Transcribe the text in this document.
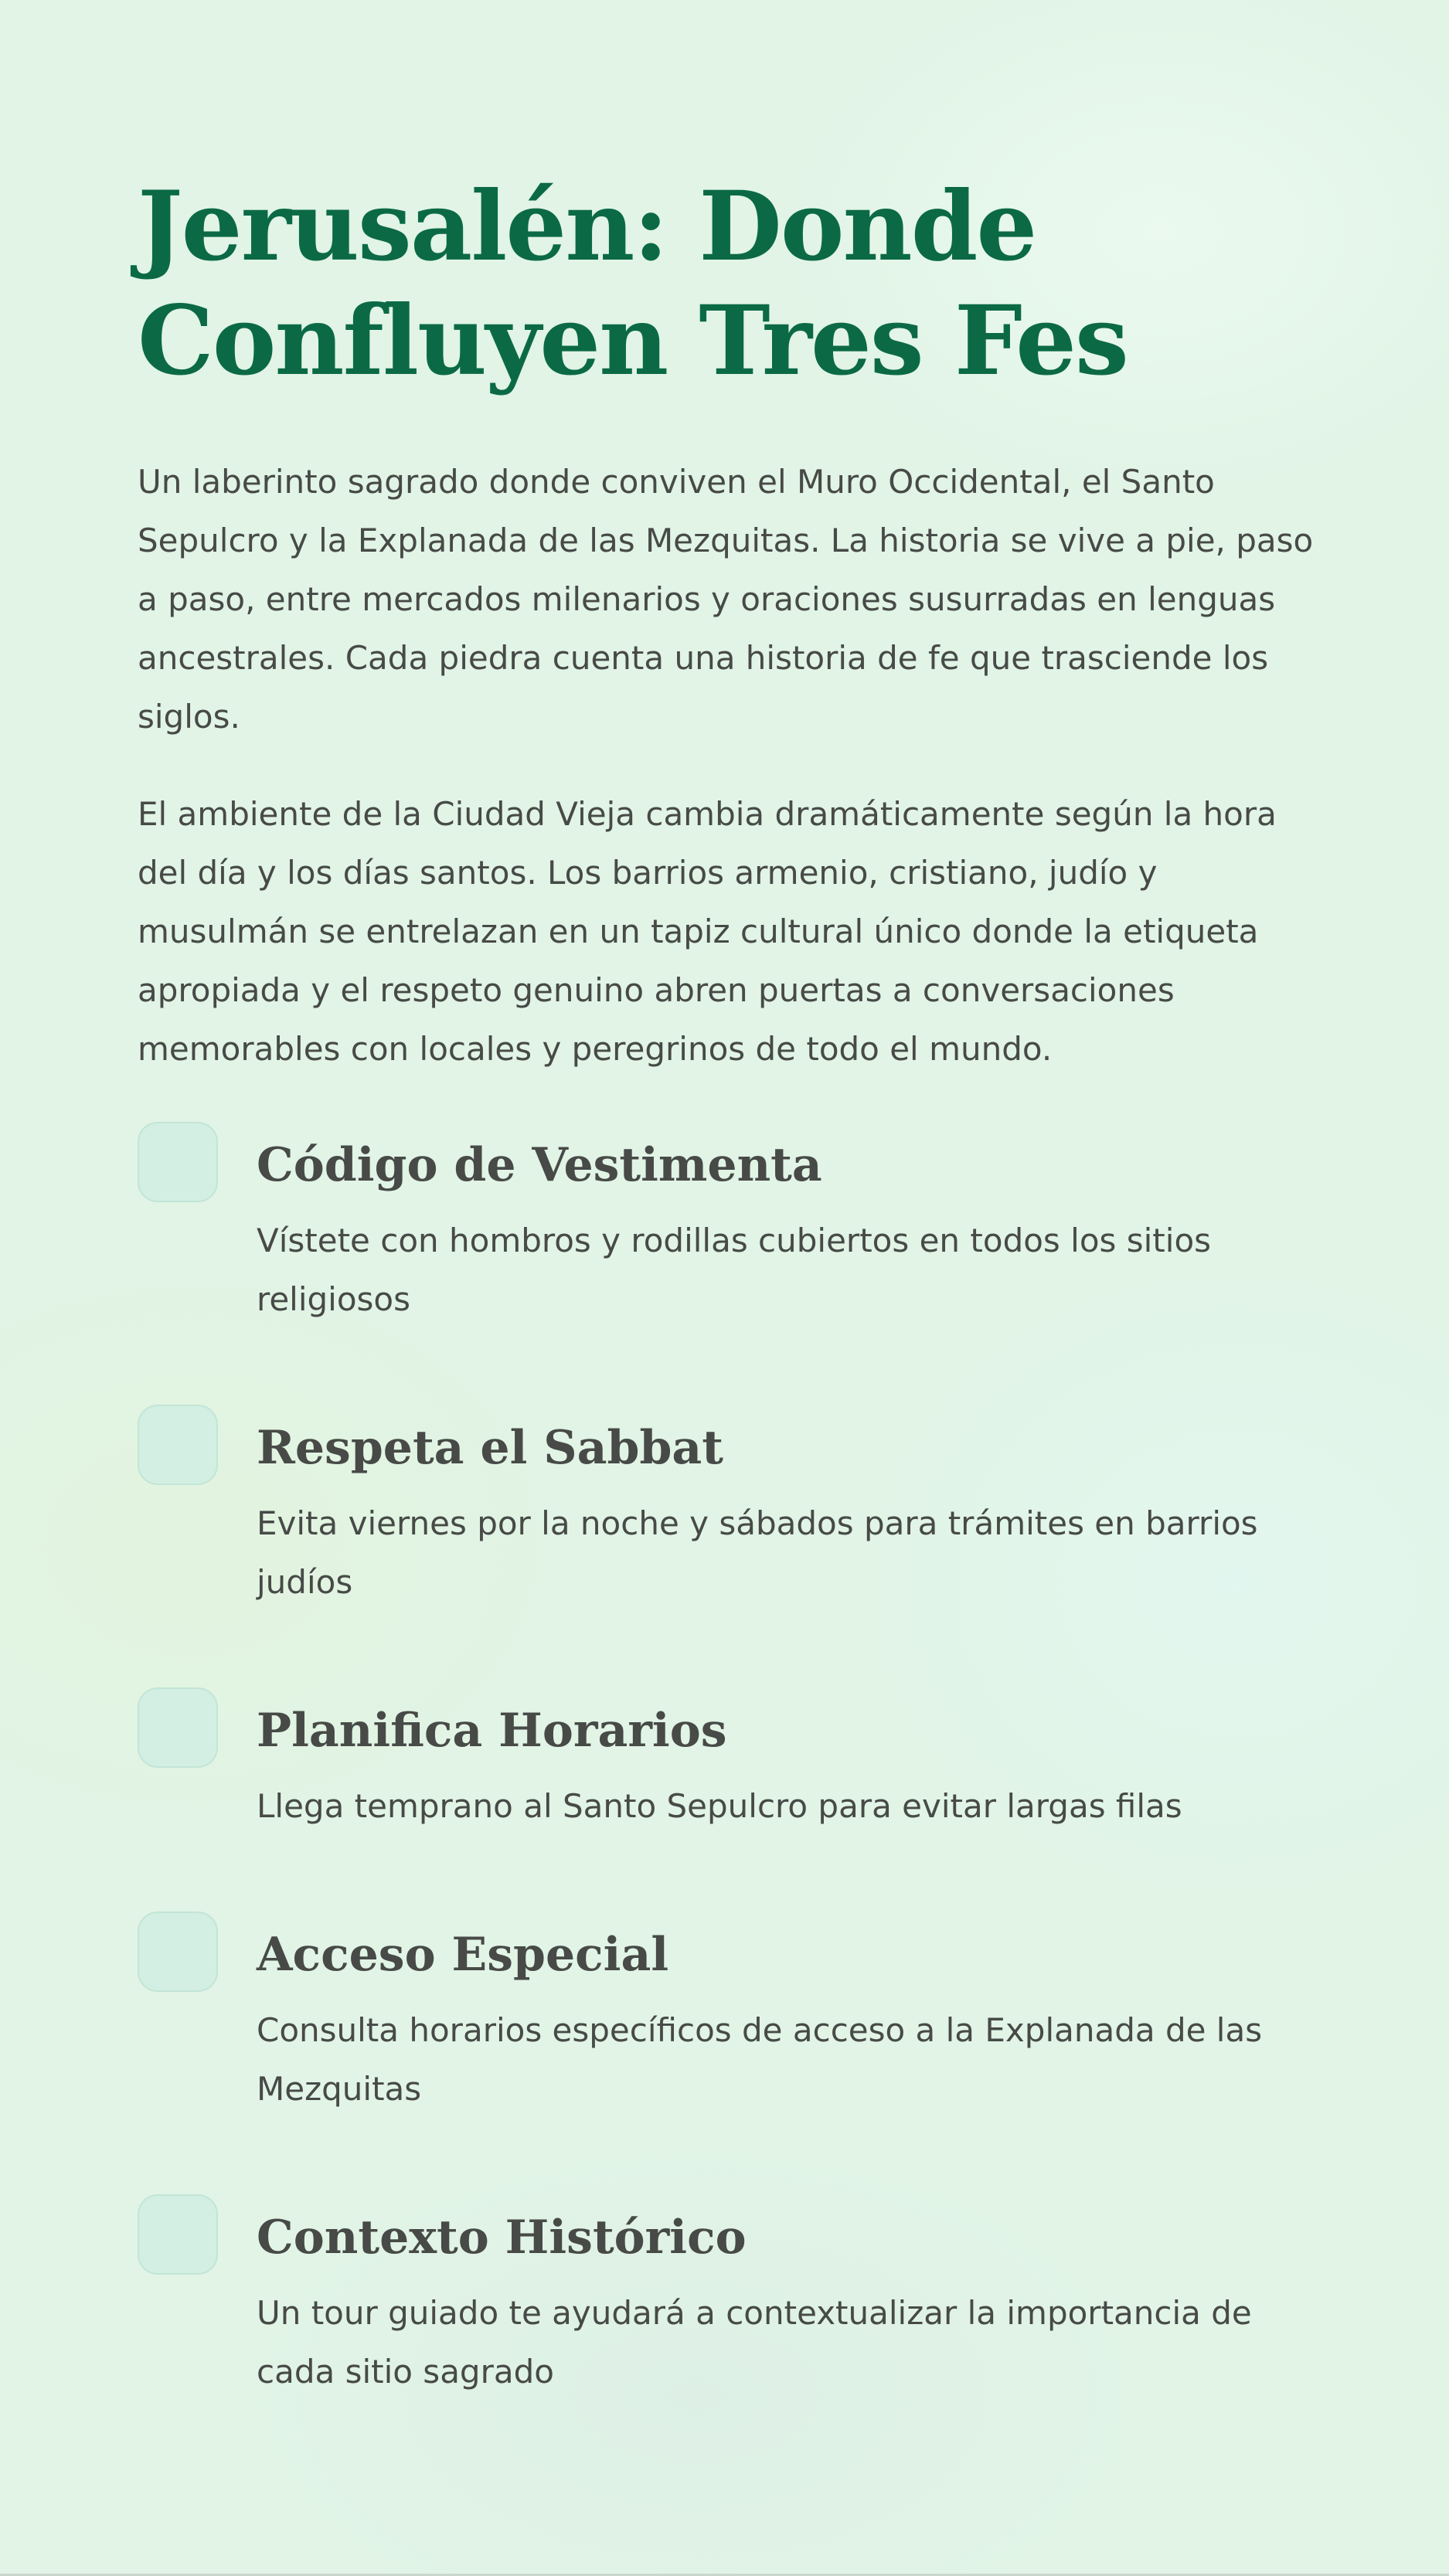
Jerusalén: Donde Confluyen Tres Fes

Un laberinto sagrado donde conviven el Muro Occidental, el Santo Sepulcro y la Explanada de las Mezquitas. La historia se vive a pie, paso a paso, entre mercados milenarios y oraciones susurradas en lenguas ancestrales. Cada piedra cuenta una historia de fe que trasciende los siglos.

El ambiente de la Ciudad Vieja cambia dramáticamente según la hora del día y los días santos. Los barrios armenio, cristiano, judío y musulmán se entrelazan en un tapiz cultural único donde la etiqueta apropiada y el respeto genuino abren puertas a conversaciones memorables con locales y peregrinos de todo el mundo.

Código de Vestimenta

Vístete con hombros y rodillas cubiertos en todos los sitios religiosos

Respeta el Sabbat

Evita viernes por la noche y sábados para trámites en barrios judíos

Planifica Horarios

Llega temprano al Santo Sepulcro para evitar largas filas

Acceso Especial

Consulta horarios específicos de acceso a la Explanada de las Mezquitas

Contexto Histórico

Un tour guiado te ayudará a contextualizar la importancia de cada sitio sagrado
